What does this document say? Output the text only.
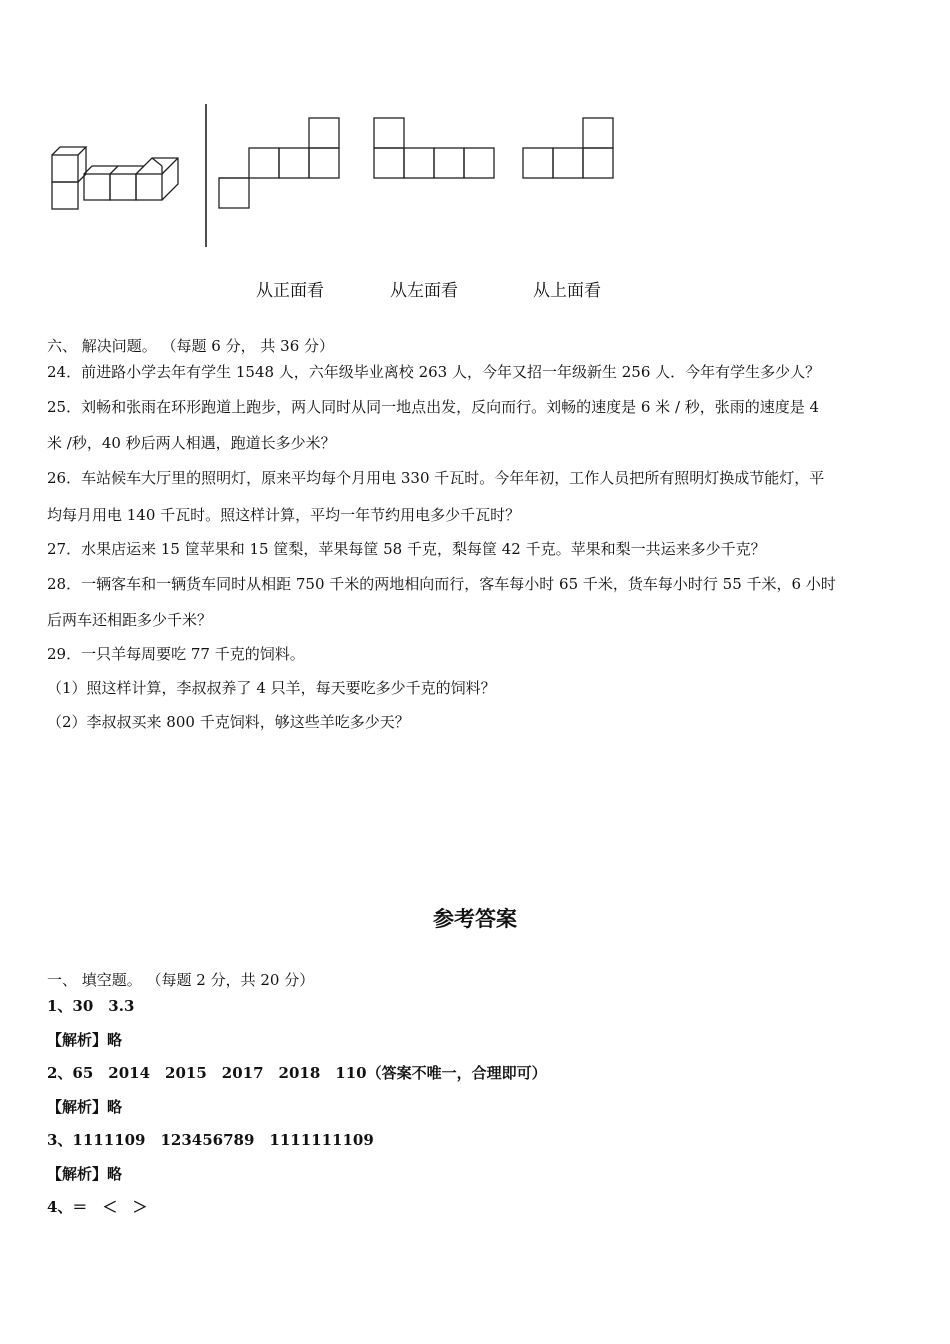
从正面看	从左面看	从上面看
六、 解决问题。 （每题 6 分， 共 36 分）
24．前进路小学去年有学生 1548 人，六年级毕业离校 263 人，今年又招一年级新生 256 人．今年有学生多少人？
25．刘畅和张雨在环形跑道上跑步，两人同时从同一地点出发，反向而行。刘畅的速度是 6 米 / 秒，张雨的速度是 4
米 /秒，40 秒后两人相遇，跑道长多少米？
26．车站候车大厅里的照明灯，原来平均每个月用电 330 千瓦时。今年年初，工作人员把所有照明灯换成节能灯，平
均每月用电 140 千瓦时。照这样计算，平均一年节约用电多少千瓦时？
27．水果店运来 15 筐苹果和 15 筐梨，苹果每筐 58 千克，梨每筐 42 千克。苹果和梨一共运来多少千克？
28．一辆客车和一辆货车同时从相距 750 千米的两地相向而行，客车每小时 65 千米，货车每小时行 55 千米，6 小时
后两车还相距多少千米？
29．一只羊每周要吃 77 千克的饲料。
（1）照这样计算，李叔叔养了 4 只羊，每天要吃多少千克的饲料？
（2）李叔叔买来 800 千克饲料，够这些羊吃多少天？
参考答案
一、 填空题。 （每题 2 分，共 20 分）
1、30　3.3
【解析】略
2、65　2014　2015　2017　2018　110（答案不唯一，合理即可）
【解析】略
3、1111109　123456789　1111111109
【解析】略
4、＝　＜　＞
